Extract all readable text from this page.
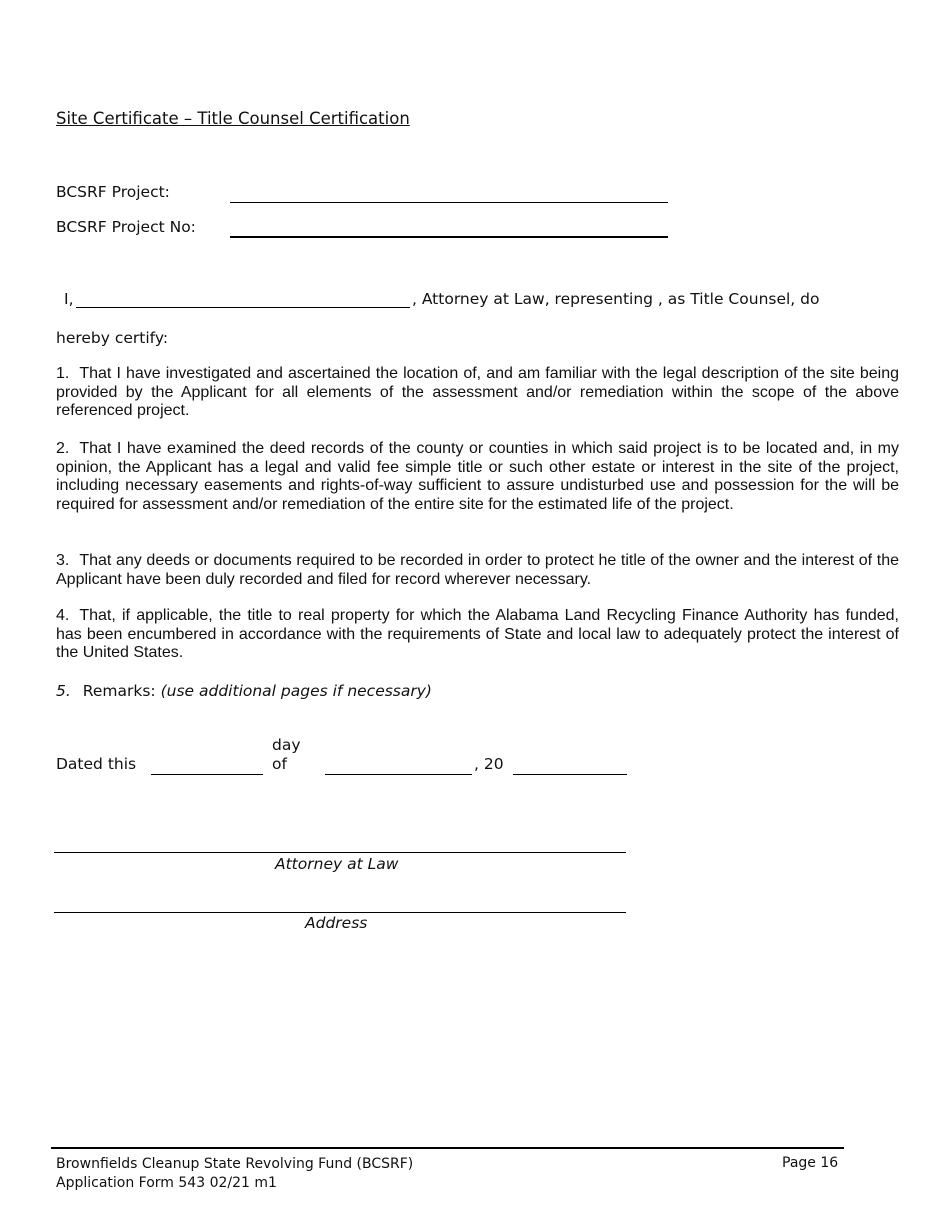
Site Certificate – Title Counsel Certification
BCSRF Project:
BCSRF Project No:
I,	, Attorney at Law, representing , as Title Counsel, do
hereby certify:

1. That I have investigated and ascertained the location of, and am familiar with the legal description of the site being provided by the Applicant for all elements of the assessment and/or remediation within the scope of the above referenced project.

2. That I have examined the deed records of the county or counties in which said project is to be located and, in my opinion, the Applicant has a legal and valid fee simple title or such other estate or interest in the site of the project, including necessary easements and rights-of-way sufficient to assure undisturbed use and possession for the will be required for assessment and/or remediation of the entire site for the estimated life of the project.

3. That any deeds or documents required to be recorded in order to protect he title of the owner and the interest of the Applicant have been duly recorded and filed for record wherever necessary.

4. That, if applicable, the title to real property for which the Alabama Land Recycling Finance Authority has funded, has been encumbered in accordance with the requirements of State and local law to adequately protect the interest of the United States.

5. Remarks: (use additional pages if necessary)
Dated this
day
of	, 20
Attorney at Law
Address
Brownfields Cleanup State Revolving Fund (BCSRF)
Application Form 543 02/21 m1
Page 16
